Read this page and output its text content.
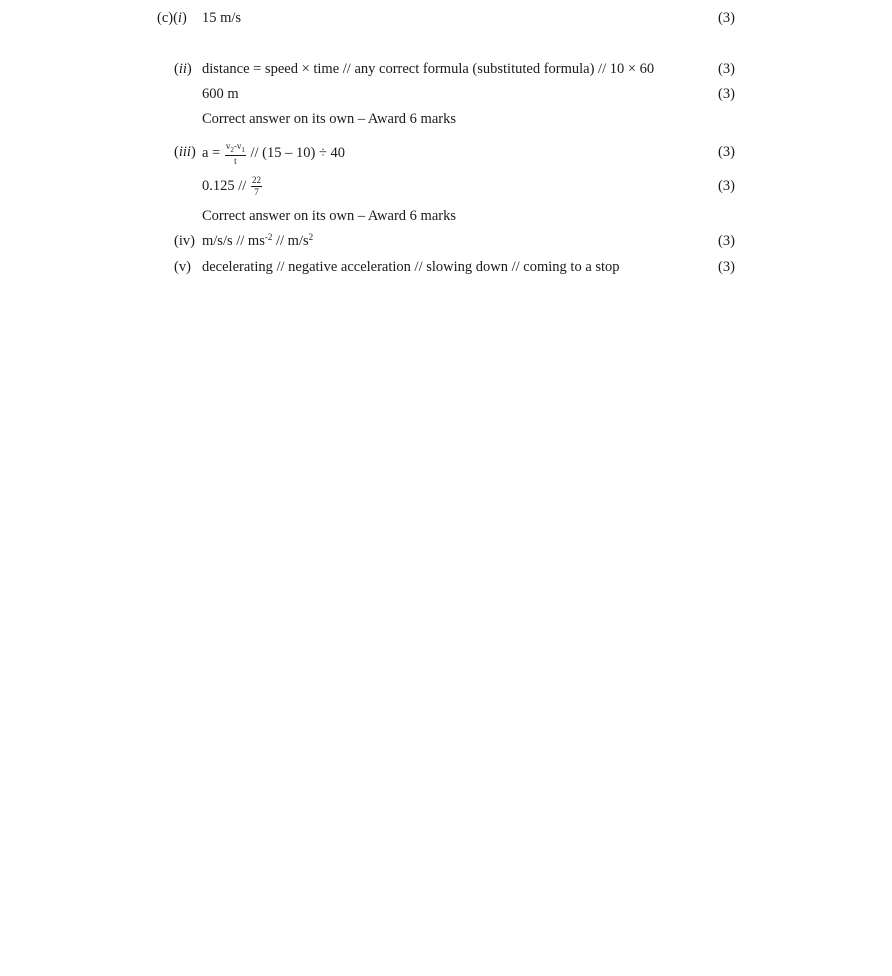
(c)(i) 15 m/s	(3)
(ii) distance = speed × time // any correct formula (substituted formula) // 10 × 60	(3)
600 m	(3)
Correct answer on its own – Award 6 marks
(iii) $a = \frac{v_2-v_1}{t} // (15 - 10) \div 40$	(3)
$0.125 // \frac{22}{7}$	(3)
Correct answer on its own – Award 6 marks
(iv) $m/s/s // ms^{-2} // m/s^2$	(3)
(v) decelerating // negative acceleration // slowing down // coming to a stop	(3)
